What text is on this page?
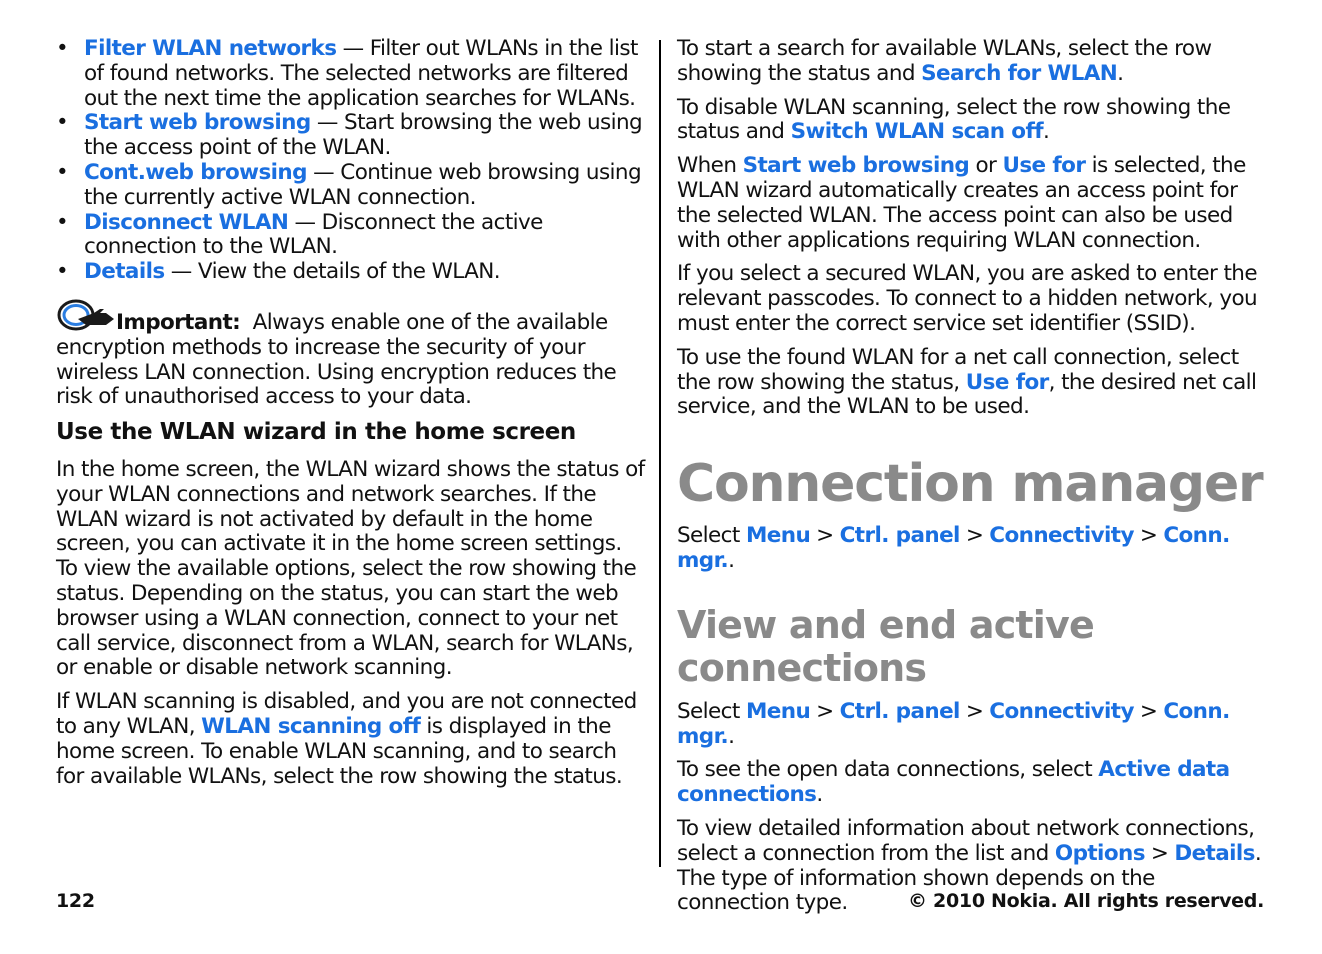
• Filter WLAN networks — Filter out WLANs in the list of found networks. The selected networks are filtered out the next time the application searches for WLANs.
• Start web browsing — Start browsing the web using the access point of the WLAN.
• Cont.web browsing — Continue web browsing using the currently active WLAN connection.
• Disconnect WLAN — Disconnect the active connection to the WLAN.
• Details — View the details of the WLAN.
Important: Always enable one of the available encryption methods to increase the security of your wireless LAN connection. Using encryption reduces the risk of unauthorised access to your data.
Use the WLAN wizard in the home screen

In the home screen, the WLAN wizard shows the status of your WLAN connections and network searches. If the WLAN wizard is not activated by default in the home screen, you can activate it in the home screen settings. To view the available options, select the row showing the status. Depending on the status, you can start the web browser using a WLAN connection, connect to your net call service, disconnect from a WLAN, search for WLANs, or enable or disable network scanning.

If WLAN scanning is disabled, and you are not connected to any WLAN, WLAN scanning off is displayed in the home screen. To enable WLAN scanning, and to search for available WLANs, select the row showing the status.

To start a search for available WLANs, select the row showing the status and Search for WLAN.

To disable WLAN scanning, select the row showing the status and Switch WLAN scan off.

When Start web browsing or Use for is selected, the WLAN wizard automatically creates an access point for the selected WLAN. The access point can also be used with other applications requiring WLAN connection.

If you select a secured WLAN, you are asked to enter the relevant passcodes. To connect to a hidden network, you must enter the correct service set identifier (SSID).

To use the found WLAN for a net call connection, select the row showing the status, Use for, the desired net call service, and the WLAN to be used.

Connection manager

Select Menu > Ctrl. panel > Connectivity > Conn. mgr..

View and end active connections

Select Menu > Ctrl. panel > Connectivity > Conn. mgr..

To see the open data connections, select Active data connections.

To view detailed information about network connections, select a connection from the list and Options > Details. The type of information shown depends on the connection type.

122	© 2010 Nokia. All rights reserved.
